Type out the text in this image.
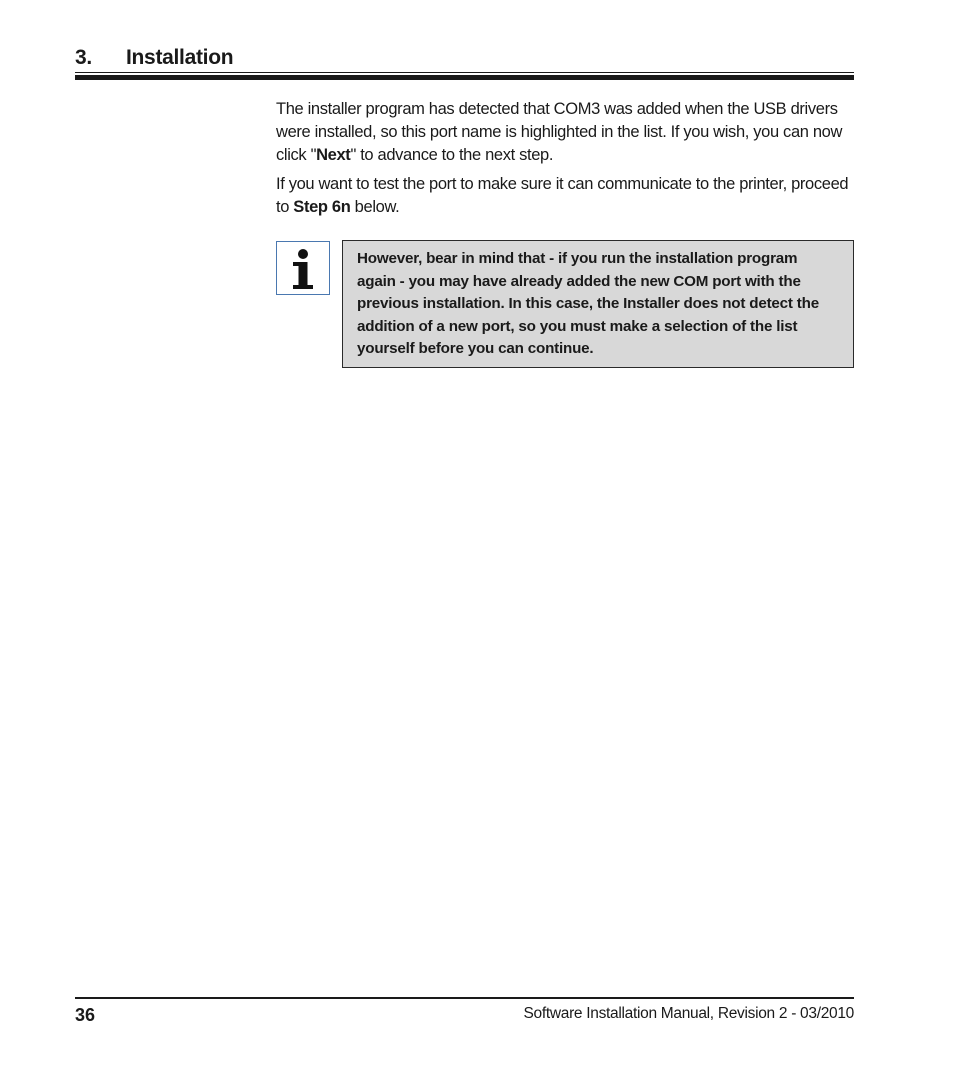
3. Installation
The installer program has detected that COM3 was added when the USB drivers were installed, so this port name is highlighted in the list. If you wish, you can now click "Next" to advance to the next step.
If you want to test the port to make sure it can communicate to the printer, proceed to Step 6n below.
However, bear in mind that - if you run the installation program again - you may have already added the new COM port with the previous installation. In this case, the Installer does not detect the addition of a new port, so you must make a selection of the list yourself before you can continue.
36	Software Installation Manual, Revision 2 - 03/2010
